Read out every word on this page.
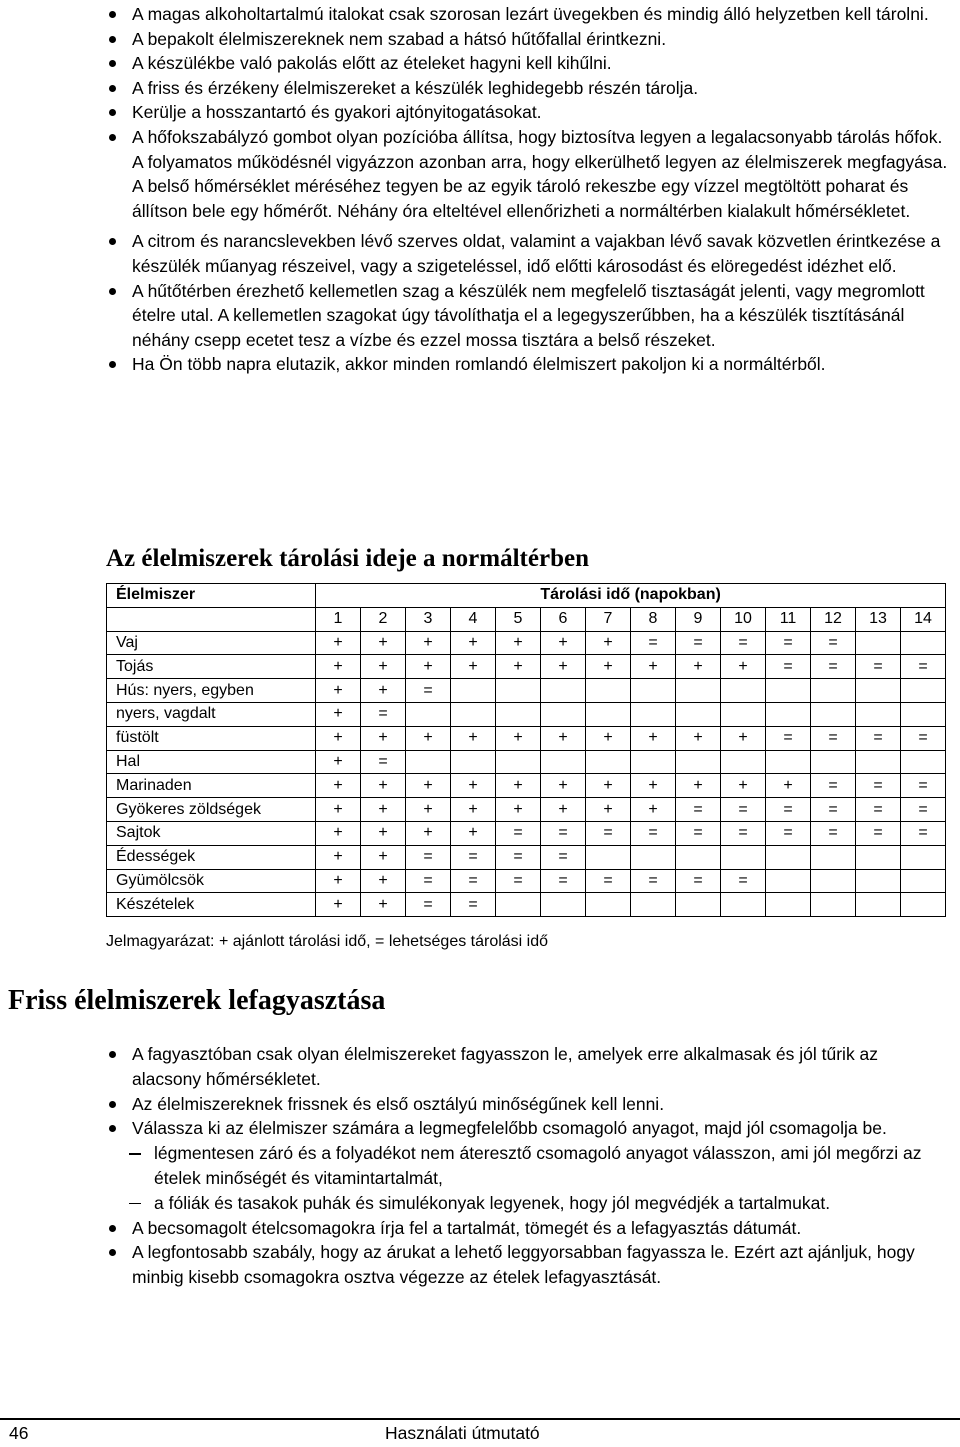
A magas alkoholtartalmú italokat csak szorosan lezárt üvegekben és mindig álló helyzetben kell tárolni.
A bepakolt élelmiszereknek nem szabad a hátsó hűtőfallal érintkezni.
A készülékbe való pakolás előtt az ételeket hagyni kell kihűlni.
A friss és érzékeny élelmiszereket a készülék leghidegebb részén tárolja.
Kerülje a hosszantartó és gyakori ajtónyitogatásokat.
A hőfokszabályzó gombot olyan pozícióba állítsa, hogy biztosítva legyen a legalacsonyabb tárolás hőfok. A folyamatos működésnél vigyázzon azonban arra, hogy elkerülhető legyen az élelmiszerek megfagyása. A belső hőmérséklet méréséhez tegyen be az egyik tároló rekeszbe egy vízzel megtöltött poharat és állítson bele egy hőmérőt. Néhány óra elteltével ellenőrizheti a normáltérben kialakult hőmérsékletet.
A citrom és narancslevekben lévő szerves oldat, valamint a vajakban lévő savak közvetlen érintkezése a készülék műanyag részeivel, vagy a szigeteléssel, idő előtti károsodást és elöregedést idézhet elő.
A hűtőtérben érezhető kellemetlen szag a készülék nem megfelelő tisztaságát jelenti, vagy megromlott ételre utal. A kellemetlen szagokat úgy távolíthatja el a legegyszerűbben, ha a készülék tisztításánál néhány csepp ecetet tesz a vízbe és ezzel mossa tisztára a belső részeket.
Ha Ön több napra elutazik, akkor minden romlandó élelmiszert pakoljon ki a normáltérből.
Az élelmiszerek tárolási ideje a normáltérben
Élelmiszer	Tárolási idő (napokban)													
	1	2	3	4	5	6	7	8	9	10	11	12	13	14
Vaj	+	+	+	+	+	+	+	=	=	=	=	=		
Tojás	+	+	+	+	+	+	+	+	+	+	=	=	=	=
Hús: nyers, egyben	+	+	=											
nyers, vagdalt	+	=												
füstölt	+	+	+	+	+	+	+	+	+	+	=	=	=	=
Hal	+	=												
Marinaden	+	+	+	+	+	+	+	+	+	+	+	=	=	=
Gyökeres zöldségek	+	+	+	+	+	+	+	+	=	=	=	=	=	=
Sajtok	+	+	+	+	=	=	=	=	=	=	=	=	=	=
Édességek	+	+	=	=	=	=								
Gyümölcsök	+	+	=	=	=	=	=	=	=	=				
Készételek	+	+	=	=										

Jelmagyarázat: + ajánlott tárolási idő, = lehetséges tárolási idő

Friss élelmiszerek lefagyasztása
A fagyasztóban csak olyan élelmiszereket fagyasszon le, amelyek erre alkalmasak és jól tűrik az alacsony hőmérsékletet.
Az élelmiszereknek frissnek és első osztályú minőségűnek kell lenni.
Válassza ki az élelmiszer számára a legmegfelelőbb csomagoló anyagot, majd jól csomagolja be.
légmentesen záró és a folyadékot nem áteresztő csomagoló anyagot válasszon, ami jól megőrzi az ételek minőségét és vitamintartalmát,
a fóliák és tasakok puhák és simulékonyak legyenek, hogy jól megvédjék a tartalmukat.
A becsomagolt ételcsomagokra írja fel a tartalmát, tömegét és a lefagyasztás dátumát.
A legfontosabb szabály, hogy az árukat a lehető leggyorsabban fagyassza le. Ezért azt ajánljuk, hogy minbig kisebb csomagokra osztva végezze az ételek lefagyasztását.
46	Használati útmutató
